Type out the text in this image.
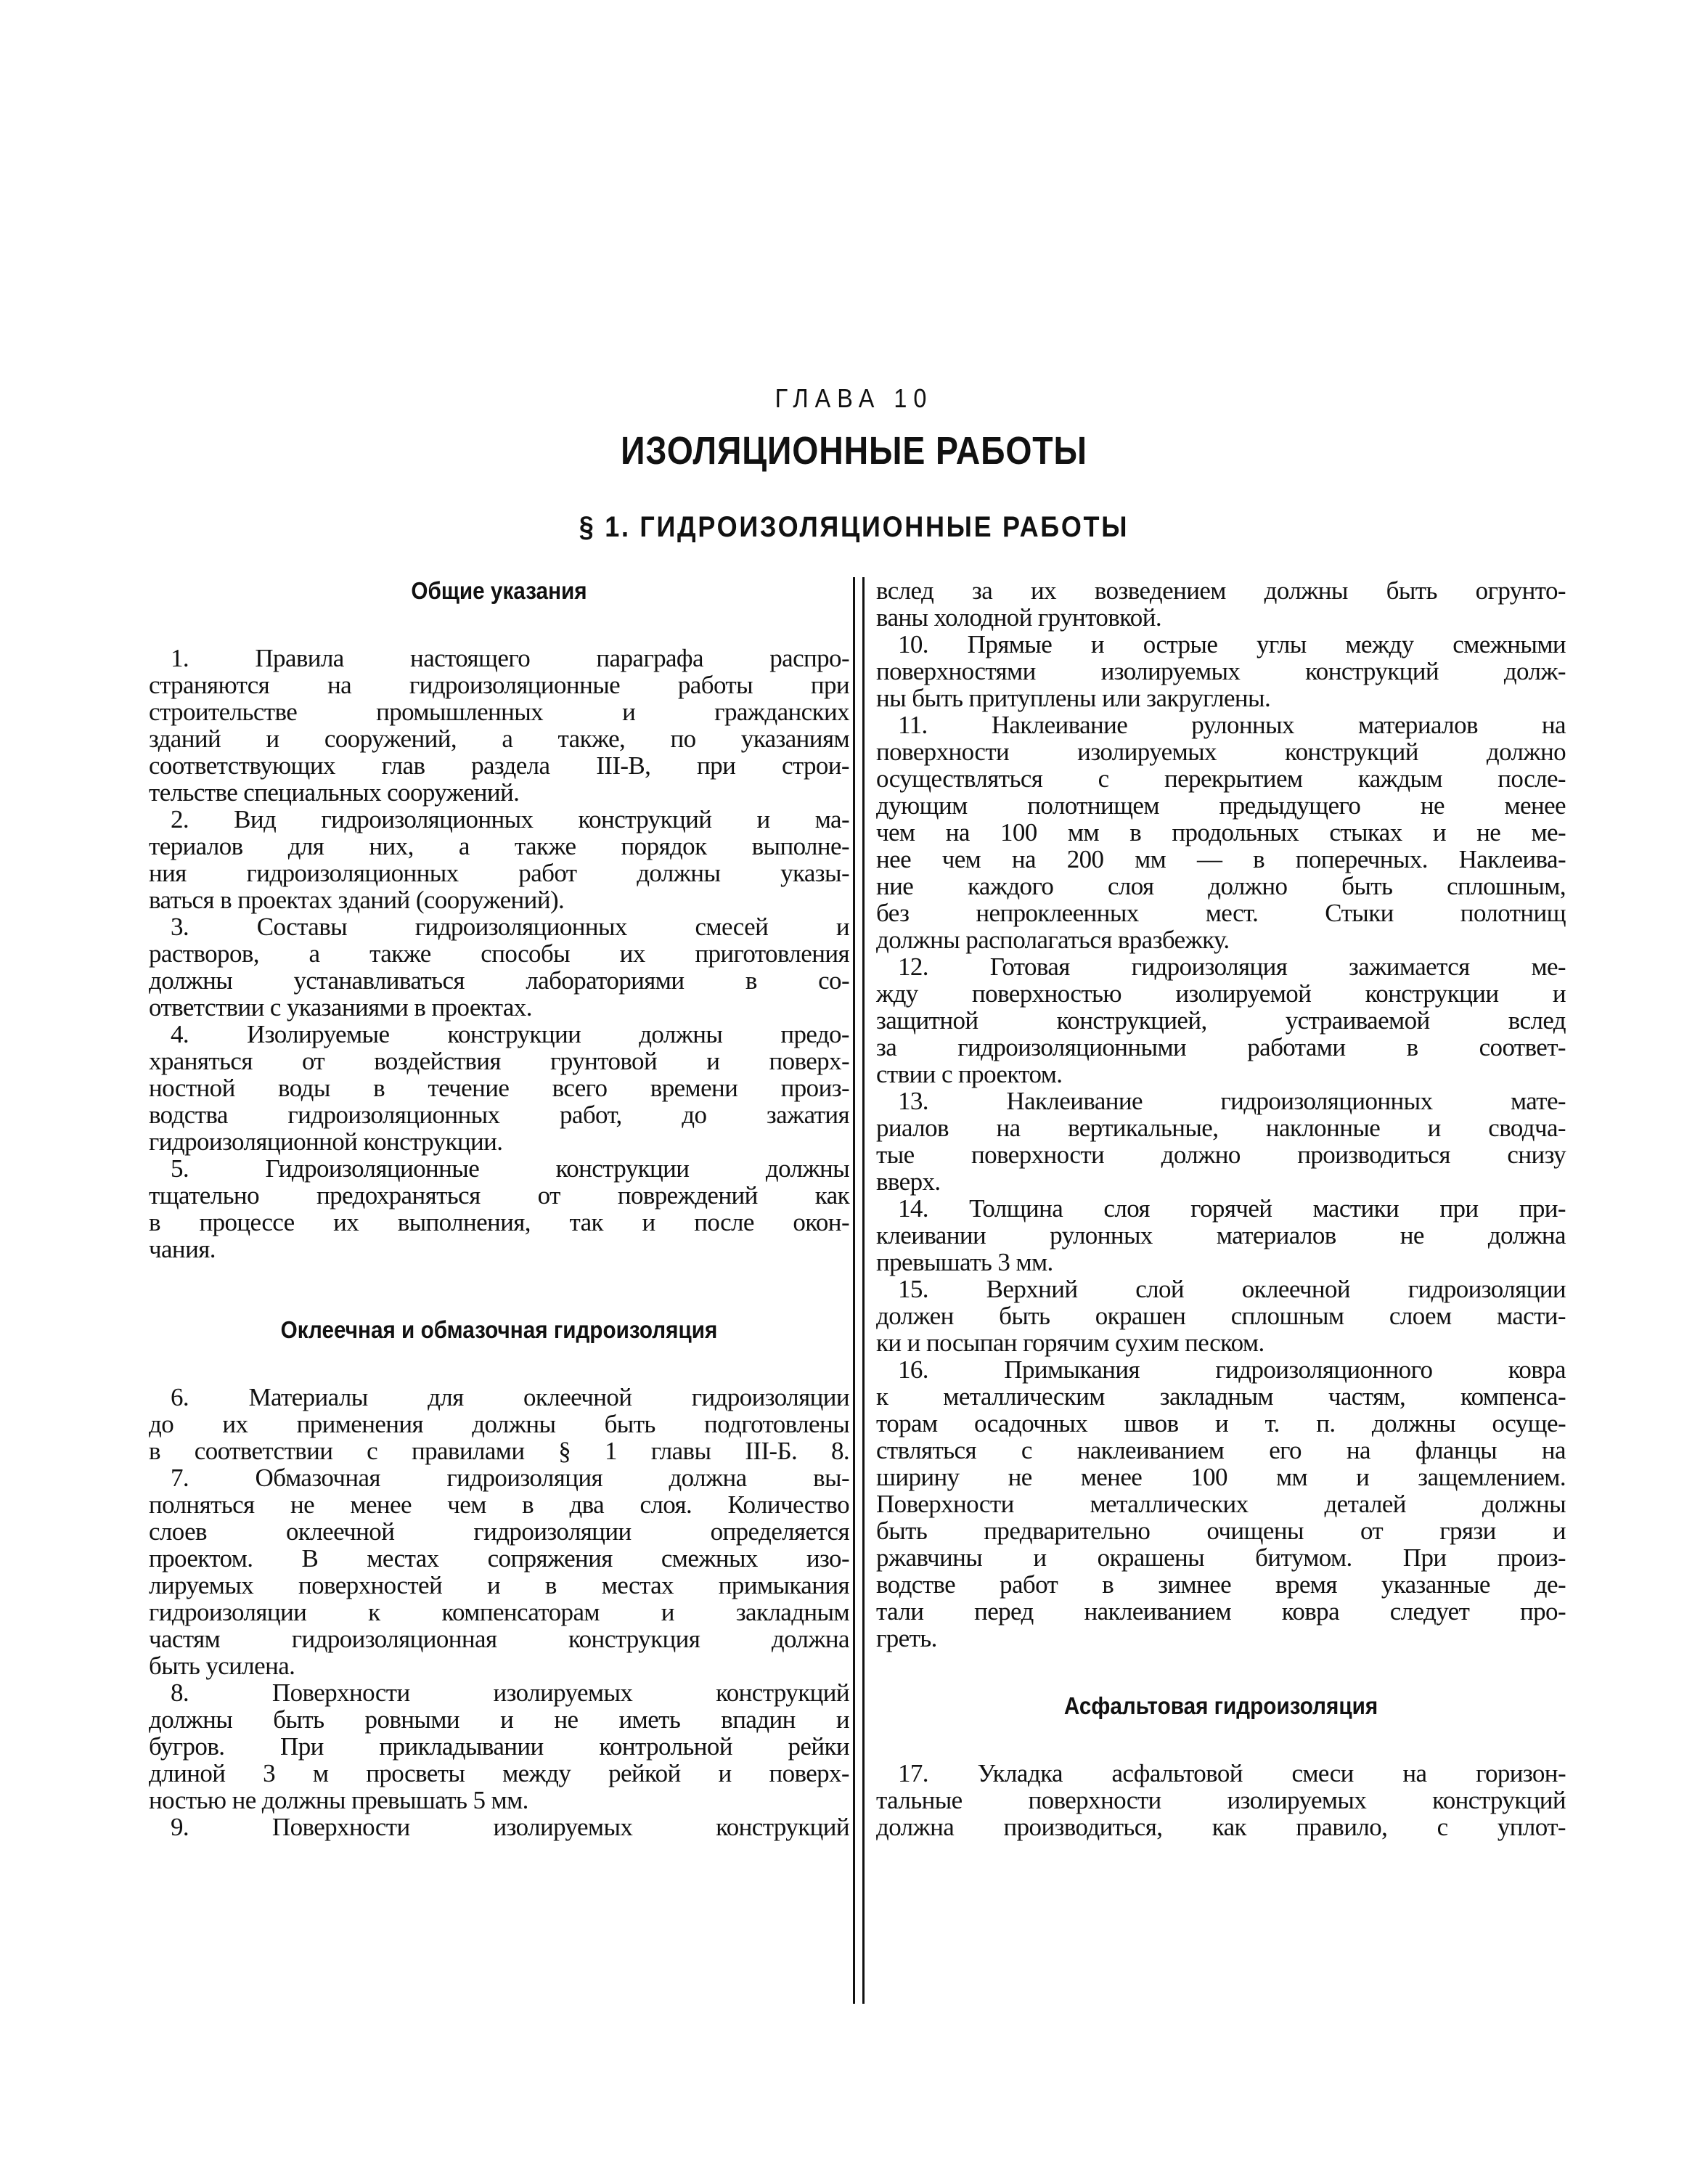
ГЛАВА 10
ИЗОЛЯЦИОННЫЕ РАБОТЫ
§ 1. ГИДРОИЗОЛЯЦИОННЫЕ РАБОТЫ
Общие указания
1. Правила настоящего параграфа распро-
страняются на гидроизоляционные работы при
строительстве промышленных и гражданских
зданий и сооружений, а также, по указаниям
соответствующих глав раздела III-В, при строи-
тельстве специальных сооружений.
2. Вид гидроизоляционных конструкций и ма-
териалов для них, а также порядок выполне-
ния гидроизоляционных работ должны указы-
ваться в проектах зданий (сооружений).
3. Составы гидроизоляционных смесей и
растворов, а также способы их приготовления
должны устанавливаться лабораториями в со-
ответствии с указаниями в проектах.
4. Изолируемые конструкции должны предо-
храняться от воздействия грунтовой и поверх-
ностной воды в течение всего времени произ-
водства гидроизоляционных работ, до зажатия
гидроизоляционной конструкции.
5. Гидроизоляционные конструкции должны
тщательно предохраняться от повреждений как
в процессе их выполнения, так и после окон-
чания.
Оклеечная и обмазочная гидроизоляция
6. Материалы для оклеечной гидроизоляции
до их применения должны быть подготовлены
в соответствии с правилами § 1 главы III-Б. 8.
7. Обмазочная гидроизоляция должна вы-
полняться не менее чем в два слоя. Количество
слоев оклеечной гидроизоляции определяется
проектом. В местах сопряжения смежных изо-
лируемых поверхностей и в местах примыкания
гидроизоляции к компенсаторам и закладным
частям гидроизоляционная конструкция должна
быть усилена.
8. Поверхности изолируемых конструкций
должны быть ровными и не иметь впадин и
бугров. При прикладывании контрольной рейки
длиной 3 м просветы между рейкой и поверх-
ностью не должны превышать 5 мм.
9. Поверхности изолируемых конструкций
вслед за их возведением должны быть огрунто-
ваны холодной грунтовкой.
10. Прямые и острые углы между смежными
поверхностями изолируемых конструкций долж-
ны быть притуплены или закруглены.
11. Наклеивание рулонных материалов на
поверхности изолируемых конструкций должно
осуществляться с перекрытием каждым после-
дующим полотнищем предыдущего не менее
чем на 100 мм в продольных стыках и не ме-
нее чем на 200 мм — в поперечных. Наклеива-
ние каждого слоя должно быть сплошным,
без непроклеенных мест. Стыки полотнищ
должны располагаться вразбежку.
12. Готовая гидроизоляция зажимается ме-
жду поверхностью изолируемой конструкции и
защитной конструкцией, устраиваемой вслед
за гидроизоляционными работами в соответ-
ствии с проектом.
13. Наклеивание гидроизоляционных мате-
риалов на вертикальные, наклонные и сводча-
тые поверхности должно производиться снизу
вверх.
14. Толщина слоя горячей мастики при при-
клеивании рулонных материалов не должна
превышать 3 мм.
15. Верхний слой оклеечной гидроизоляции
должен быть окрашен сплошным слоем масти-
ки и посыпан горячим сухим песком.
16. Примыкания гидроизоляционного ковра
к металлическим закладным частям, компенса-
торам осадочных швов и т. п. должны осуще-
ствляться с наклеиванием его на фланцы на
ширину не менее 100 мм и защемлением.
Поверхности металлических деталей должны
быть предварительно очищены от грязи и
ржавчины и окрашены битумом. При произ-
водстве работ в зимнее время указанные де-
тали перед наклеиванием ковра следует про-
греть.
Асфальтовая гидроизоляция
17. Укладка асфальтовой смеси на горизон-
тальные поверхности изолируемых конструкций
должна производиться, как правило, с уплот-
